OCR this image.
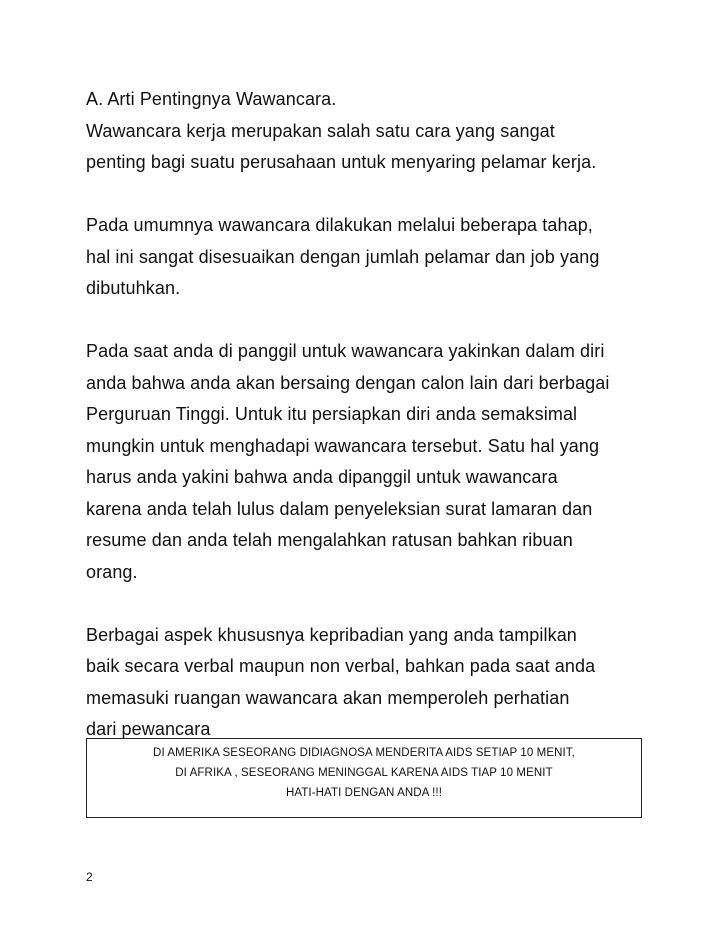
A. Arti Pentingnya Wawancara.
Wawancara kerja merupakan salah satu cara yang sangat
penting bagi suatu perusahaan untuk menyaring pelamar kerja.
Pada umumnya wawancara dilakukan melalui beberapa tahap,
hal ini sangat disesuaikan dengan jumlah pelamar dan job yang
dibutuhkan.
Pada saat anda di panggil untuk wawancara yakinkan dalam diri
anda bahwa anda akan bersaing dengan calon lain dari berbagai
Perguruan Tinggi. Untuk itu persiapkan diri anda semaksimal
mungkin untuk menghadapi wawancara tersebut. Satu hal yang
harus anda yakini bahwa anda dipanggil untuk wawancara
karena anda telah lulus dalam penyeleksian surat lamaran dan
resume dan anda telah mengalahkan ratusan bahkan ribuan
orang.
Berbagai aspek khususnya kepribadian yang anda tampilkan
baik secara verbal maupun non verbal, bahkan pada saat anda
memasuki ruangan wawancara akan memperoleh perhatian
dari pewancara
DI AMERIKA SESEORANG DIDIAGNOSA MENDERITA AIDS SETIAP 10 MENIT,
DI AFRIKA , SESEORANG MENINGGAL KARENA AIDS TIAP 10 MENIT
HATI-HATI DENGAN ANDA !!!
2
